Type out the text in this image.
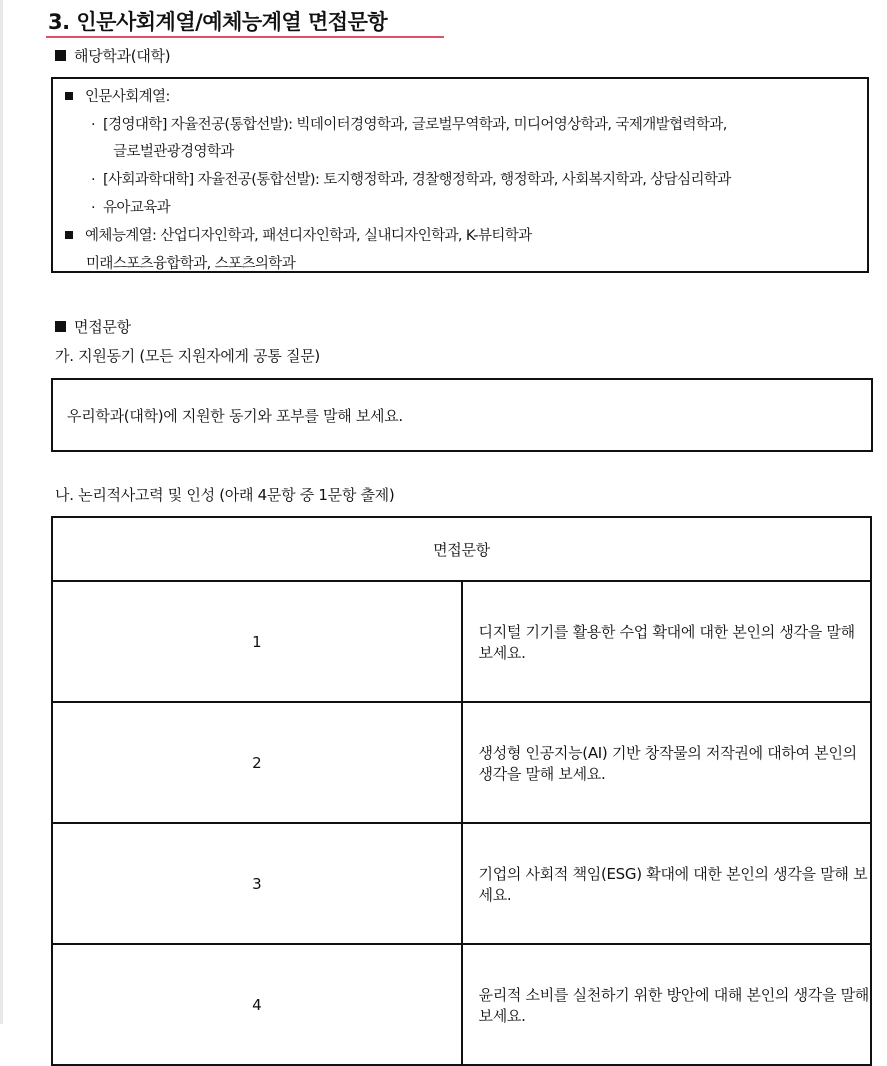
3. 인문사회계열/예체능계열 면접문항
해당학과(대학)
인문사회계열:
· [경영대학] 자율전공(통합선발): 빅데이터경영학과, 글로벌무역학과, 미디어영상학과, 국제개발협력학과,
글로벌관광경영학과
· [사회과학대학] 자율전공(통합선발): 토지행정학과, 경찰행정학과, 행정학과, 사회복지학과, 상담심리학과
· 유아교육과
예체능계열: 산업디자인학과, 패션디자인학과, 실내디자인학과, K-뷰티학과
미래스포츠융합학과, 스포츠의학과
면접문항
가. 지원동기 (모든 지원자에게 공통 질문)
우리학과(대학)에 지원한 동기와 포부를 말해 보세요.
나. 논리적사고력 및 인성 (아래 4문항 중 1문항 출제)
면접문항	
1	디지털 기기를 활용한 수업 확대에 대한 본인의 생각을 말해 보세요.
2	생성형 인공지능(AI) 기반 창작물의 저작권에 대하여 본인의 생각을 말해 보세요.
3	기업의 사회적 책임(ESG) 확대에 대한 본인의 생각을 말해 보세요.
4	윤리적 소비를 실천하기 위한 방안에 대해 본인의 생각을 말해 보세요.
